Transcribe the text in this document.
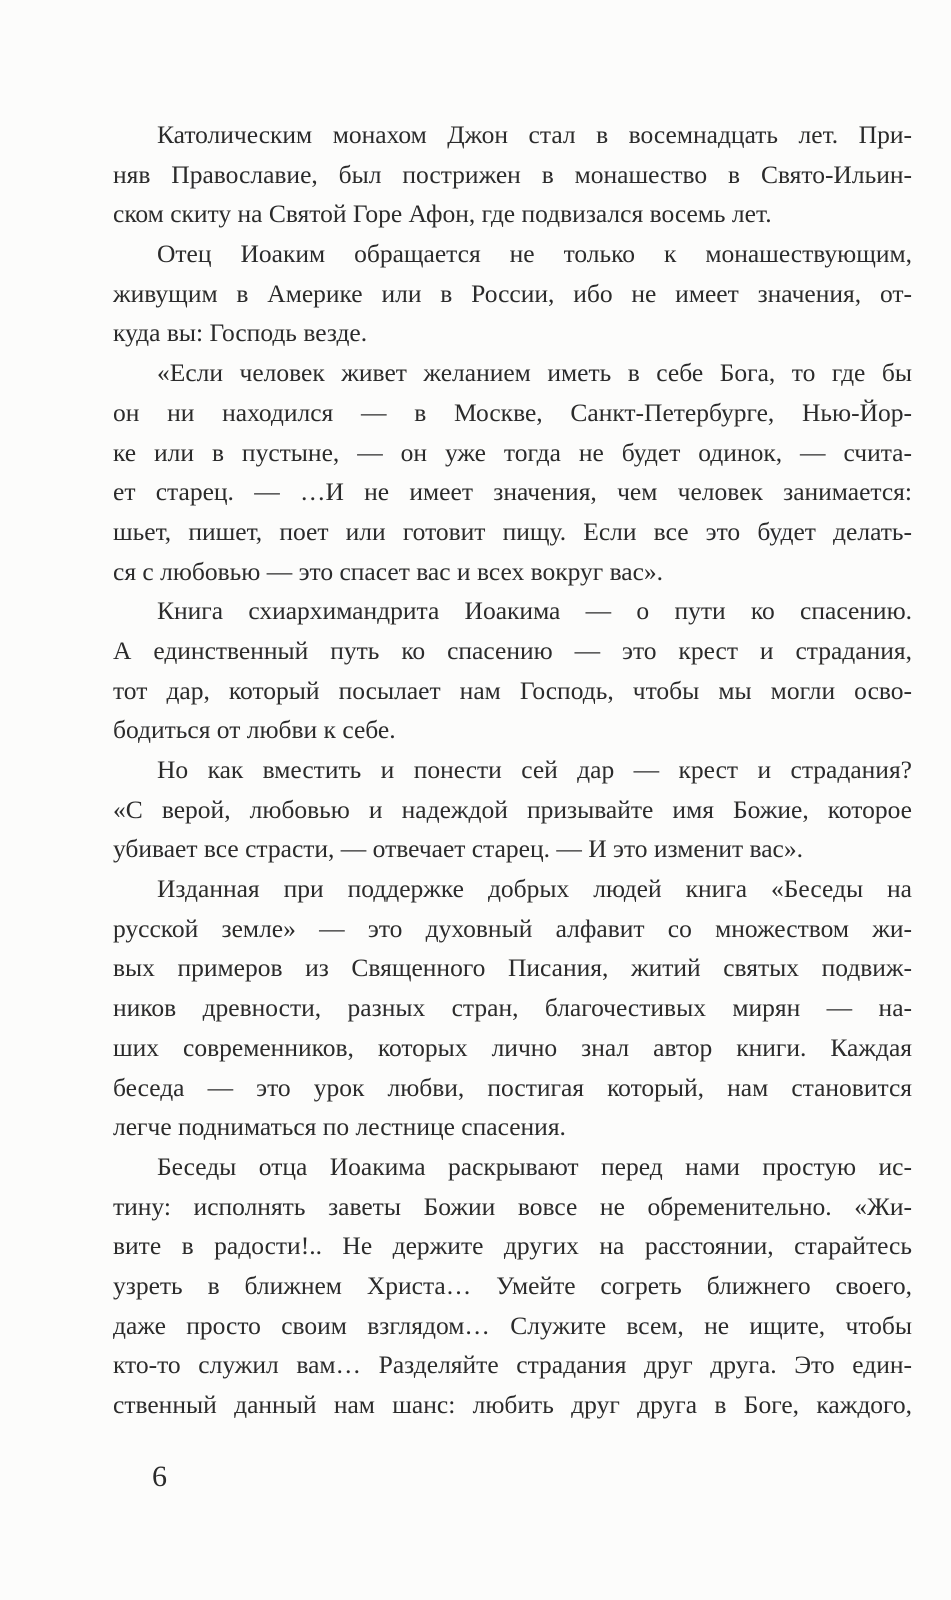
Католическим монахом Джон стал в восемнадцать лет. При-
няв Православие, был пострижен в монашество в Свято-Ильин-
ском скиту на Святой Горе Афон, где подвизался восемь лет.
Отец Иоаким обращается не только к монашествующим,
живущим в Америке или в России, ибо не имеет значения, от-
куда вы: Господь везде.
«Если человек живет желанием иметь в себе Бога, то где бы
он ни находился — в Москве, Санкт-Петербурге, Нью-Йор-
ке или в пустыне, — он уже тогда не будет одинок, — счита-
ет старец. — …И не имеет значения, чем человек занимается:
шьет, пишет, поет или готовит пищу. Если все это будет делать-
ся с любовью — это спасет вас и всех вокруг вас».
Книга схиархимандрита Иоакима — о пути ко спасению.
А единственный путь ко спасению — это крест и страдания,
тот дар, который посылает нам Господь, чтобы мы могли осво-
бодиться от любви к себе.
Но как вместить и понести сей дар — крест и страдания?
«С верой, любовью и надеждой призывайте имя Божие, которое
убивает все страсти, — отвечает старец. — И это изменит вас».
Изданная при поддержке добрых людей книга «Беседы на
русской земле» — это духовный алфавит со множеством жи-
вых примеров из Священного Писания, житий святых подвиж-
ников древности, разных стран, благочестивых мирян — на-
ших современников, которых лично знал автор книги. Каждая
беседа — это урок любви, постигая который, нам становится
легче подниматься по лестнице спасения.
Беседы отца Иоакима раскрывают перед нами простую ис-
тину: исполнять заветы Божии вовсе не обременительно. «Жи-
вите в радости!.. Не держите других на расстоянии, старайтесь
узреть в ближнем Христа… Умейте согреть ближнего своего,
даже просто своим взглядом… Служите всем, не ищите, чтобы
кто-то служил вам… Разделяйте страдания друг друга. Это един-
ственный данный нам шанс: любить друг друга в Боге, каждого,
6
